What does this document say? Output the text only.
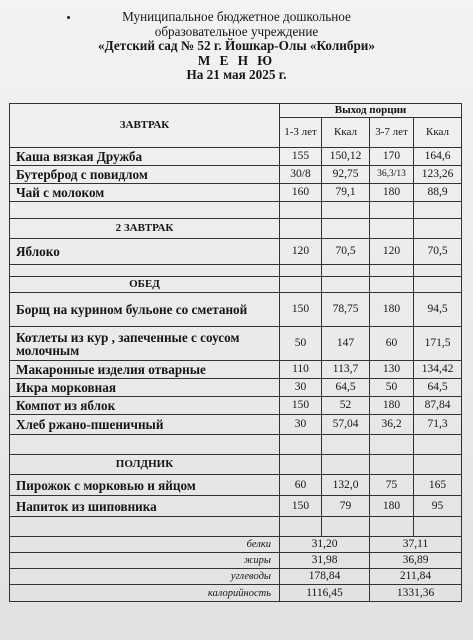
Муниципальное бюджетное дошкольное
образовательное учреждение
«Детский сад № 52 г. Йошкар-Олы «Колибри»
М Е Н Ю
На 21 мая 2025 г.
ЗАВТРАК	Выход порции			
	1-3 лет	Ккал	3-7 лет	Ккал
Каша вязкая Дружба	155	150,12	170	164,6
Бутерброд с повидлом	30/8	92,75	36,3/13	123,26
Чай с молоком	160	79,1	180	88,9

2 ЗАВТРАК				
Яблоко	120	70,5	120	70,5

ОБЕД				
Борщ на курином бульоне со сметаной	150	78,75	180	94,5
Котлеты из кур , запеченные с соусом молочным	50	147	60	171,5
Макаронные изделия отварные	110	113,7	130	134,42
Икра морковная	30	64,5	50	64,5
Компот из яблок	150	52	180	87,84
Хлеб ржано-пшеничный	30	57,04	36,2	71,3

ПОЛДНИК				
Пирожок с морковью и яйцом	60	132,0	75	165
Напиток из шиповника	150	79	180	95

белки	31,20		37,11	
жиры	31,98		36,89	
углеводы	178,84		211,84	
калорийность	1116,45		1331,36	
